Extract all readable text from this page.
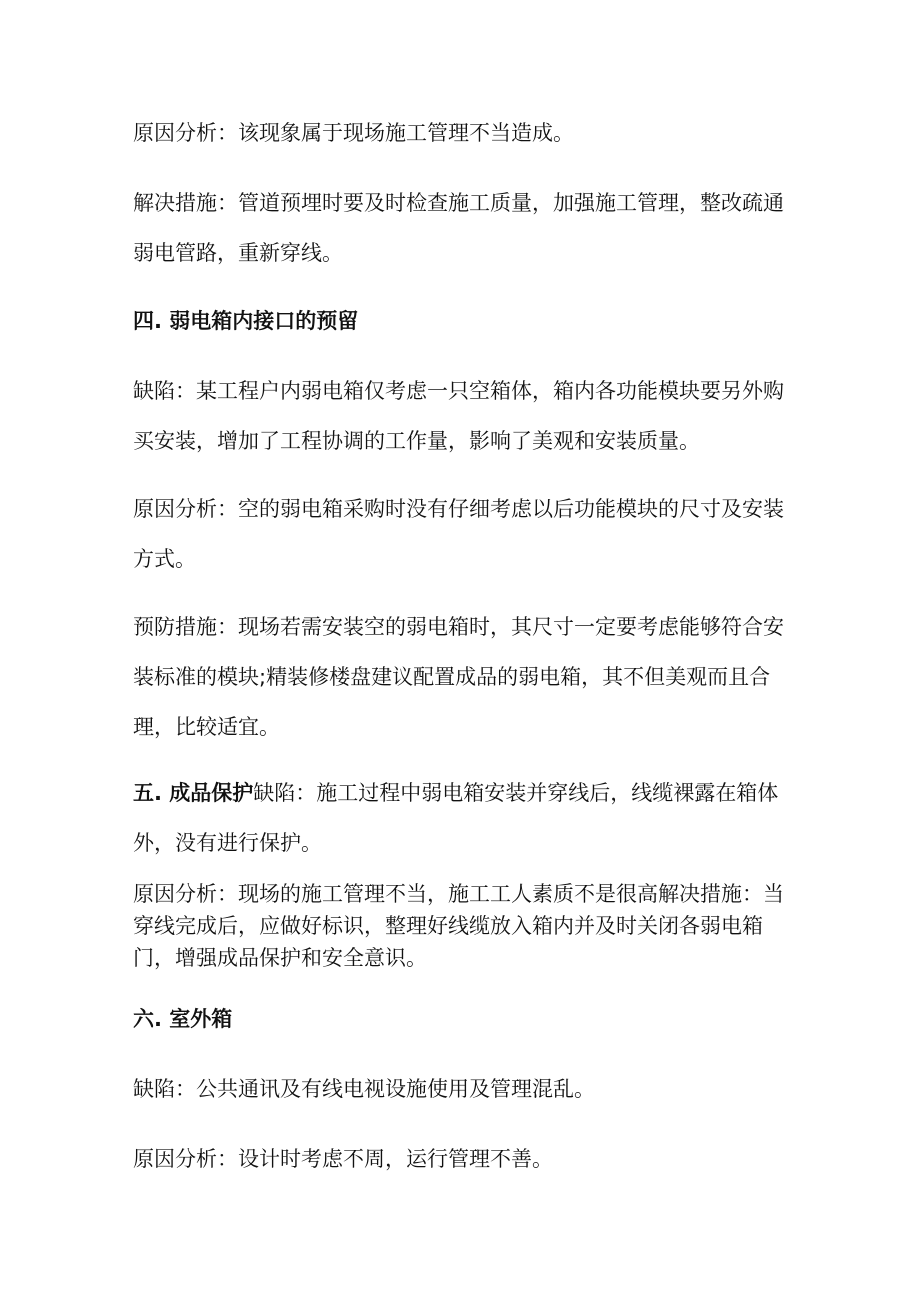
原因分析：该现象属于现场施工管理不当造成。

解决措施：管道预埋时要及时检查施工质量，加强施工管理，整改疏通弱电管路，重新穿线。

四. 弱电箱内接口的预留

缺陷：某工程户内弱电箱仅考虑一只空箱体，箱内各功能模块要另外购买安装，增加了工程协调的工作量，影响了美观和安装质量。

原因分析：空的弱电箱采购时没有仔细考虑以后功能模块的尺寸及安装方式。

预防措施：现场若需安装空的弱电箱时，其尺寸一定要考虑能够符合安装标准的模块;精装修楼盘建议配置成品的弱电箱，其不但美观而且合理，比较适宜。

五. 成品保护缺陷：施工过程中弱电箱安装并穿线后，线缆裸露在箱体外，没有进行保护。

原因分析：现场的施工管理不当，施工工人素质不是很高解决措施：当穿线完成后，应做好标识，整理好线缆放入箱内并及时关闭各弱电箱门，增强成品保护和安全意识。

六. 室外箱

缺陷：公共通讯及有线电视设施使用及管理混乱。

原因分析：设计时考虑不周，运行管理不善。
